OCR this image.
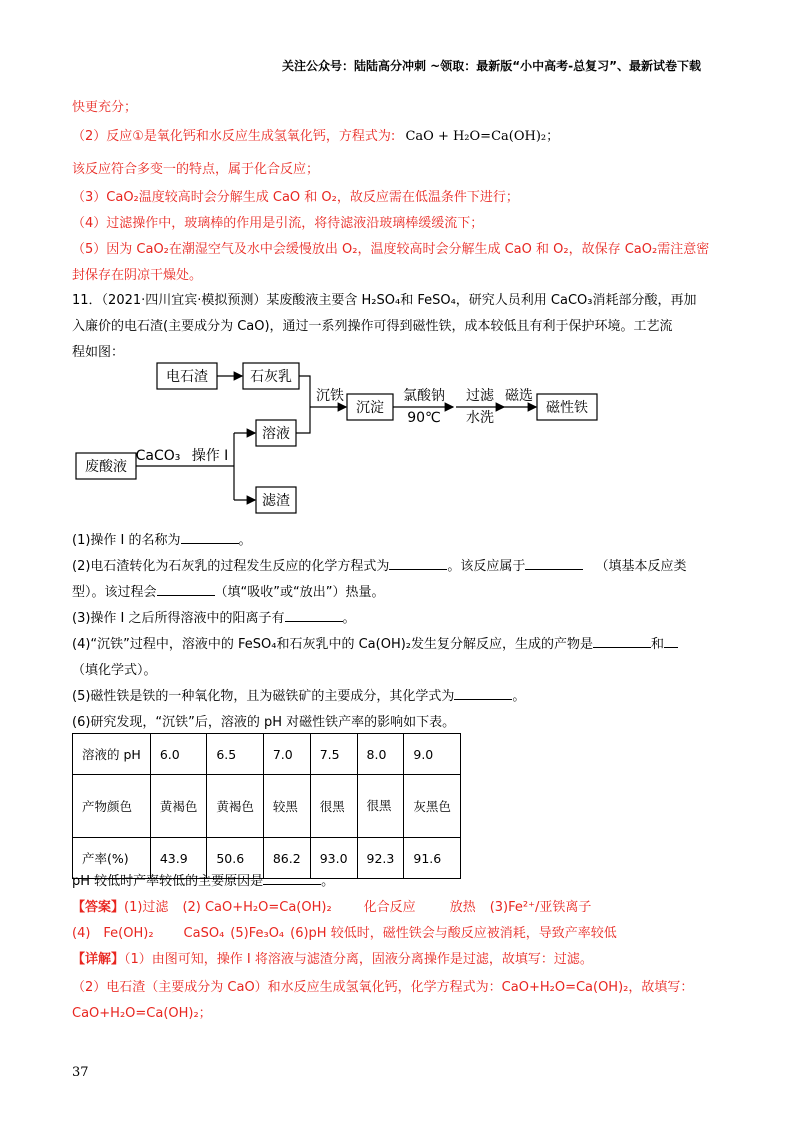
关注公众号：陆陆高分冲刺 ~领取：最新版“小中高考-总复习”、最新试卷下载
快更充分；
（2）反应①是氧化钙和水反应生成氢氧化钙，方程式为: CaO + H₂O=Ca(OH)₂；
该反应符合多变一的特点，属于化合反应；
（3）CaO₂温度较高时会分解生成 CaO 和 O₂，故反应需在低温条件下进行；
（4）过滤操作中，玻璃棒的作用是引流，将待滤液沿玻璃棒缓缓流下；
（5）因为 CaO₂在潮湿空气及水中会缓慢放出 O₂，温度较高时会分解生成 CaO 和 O₂，故保存 CaO₂需注意密
封保存在阴凉干燥处。
11．（2021·四川宜宾·模拟预测）某废酸液主要含 H₂SO₄和 FeSO₄，研究人员利用 CaCO₃消耗部分酸，再加
入廉价的电石渣(主要成分为 CaO)，通过一系列操作可得到磁性铁，成本较低且有利于保护环境。工艺流
程如图：
电石渣	石灰乳
沉铁
沉淀
氯酸钠
90℃
过滤
水洗
磁选
磁性铁
溶液
废酸液
CaCO₃ 操作 I
滤渣
(1)操作 I 的名称为	。
(2)电石渣转化为石灰乳的过程发生反应的化学方程式为	。该反应属于	（填基本反应类
型）。该过程会	（填“吸收”或“放出”）热量。
(3)操作 I 之后所得溶液中的阳离子有	。
(4)“沉铁”过程中，溶液中的 FeSO₄和石灰乳中的 Ca(OH)₂发生复分解反应，生成的产物是	和
（填化学式）。
(5)磁性铁是铁的一种氧化物，且为磁铁矿的主要成分，其化学式为	。
(6)研究发现，“沉铁”后，溶液的 pH 对磁性铁产率的影响如下表。
溶液的 pH	6.0	6.5	7.0	7.5	8.0	9.0
产物颜色	黄褐色	黄褐色	较黑	很黑	很黑	灰黑色
产率(%)	43.9	50.6	86.2	93.0	92.3	91.6
pH 较低时产率较低的主要原因是	。
【答案】(1)过滤 (2) CaO+H₂O=Ca(OH)₂ 化合反应	放热 (3)Fe²⁺/亚铁离子
(4)　Fe(OH)₂ CaSO₄ (5)Fe₃O₄ (6)pH 较低时，磁性铁会与酸反应被消耗，导致产率较低
【详解】（1）由图可知，操作 I 将溶液与滤渣分离，固液分离操作是过滤，故填写：过滤。
（2）电石渣（主要成分为 CaO）和水反应生成氢氧化钙，化学方程式为：CaO+H₂O=Ca(OH)₂，故填写：
CaO+H₂O=Ca(OH)₂；
37
